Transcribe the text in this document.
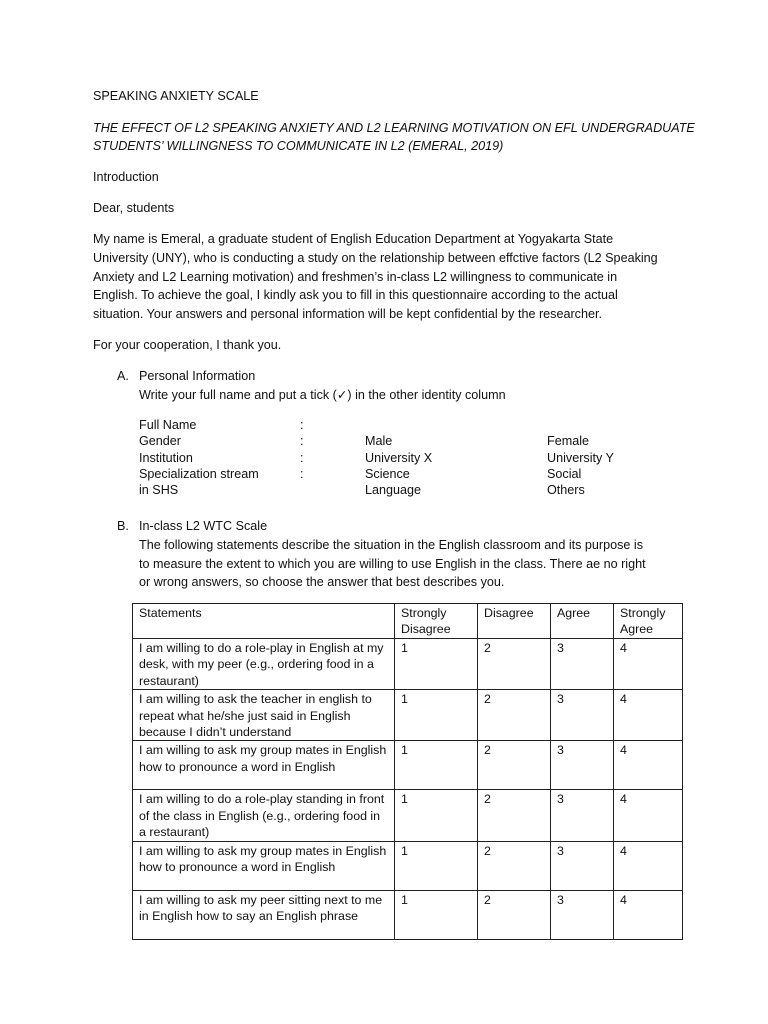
SPEAKING ANXIETY SCALE
THE EFFECT OF L2 SPEAKING ANXIETY AND L2 LEARNING MOTIVATION ON EFL UNDERGRADUATE
STUDENTS’ WILLINGNESS TO COMMUNICATE IN L2 (EMERAL, 2019)
Introduction
Dear, students
My name is Emeral, a graduate student of English Education Department at Yogyakarta State
University (UNY), who is conducting a study on the relationship between effctive factors (L2 Speaking
Anxiety and L2 Learning motivation) and freshmen’s in-class L2 willingness to communicate in
English. To achieve the goal, I kindly ask you to fill in this questionnaire according to the actual
situation. Your answers and personal information will be kept confidential by the researcher.
For your cooperation, I thank you.
A. Personal Information
Write your full name and put a tick (✓) in the other identity column
Full Name	:
Gender	:	Male	Female
Institution	:	University X	University Y
Specialization stream	:	Science	Social
in SHS	Language	Others
B. In-class L2 WTC Scale
The following statements describe the situation in the English classroom and its purpose is
to measure the extent to which you are willing to use English in the class. There ae no right
or wrong answers, so choose the answer that best describes you.
Statements	Strongly Disagree	Disagree	Agree	Strongly Agree
I am willing to do a role-play in English at my desk, with my peer (e.g., ordering food in a restaurant)	1	2	3	4
I am willing to ask the teacher in english to repeat what he/she just said in English because I didn’t understand	1	2	3	4
I am willing to ask my group mates in English how to pronounce a word in English	1	2	3	4
I am willing to do a role-play standing in front of the class in English (e.g., ordering food in a restaurant)	1	2	3	4
I am willing to ask my group mates in English how to pronounce a word in English	1	2	3	4
I am willing to ask my peer sitting next to me in English how to say an English phrase	1	2	3	4
